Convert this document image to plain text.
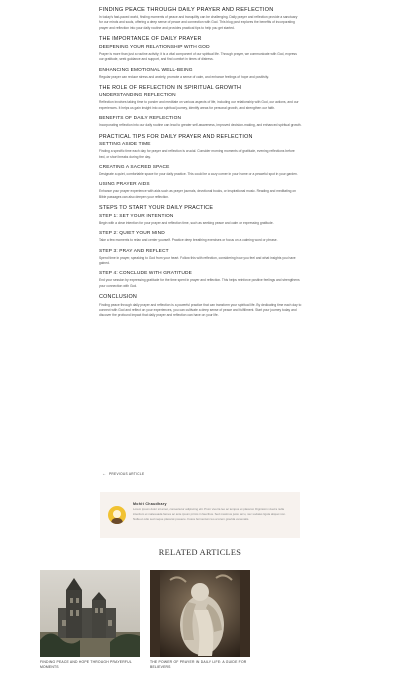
FINDING PEACE THROUGH DAILY PRAYER AND REFLECTION

In today's fast-paced world, finding moments of peace and tranquility can be challenging. Daily prayer and reflection provide a sanctuary for our minds and souls, offering a deep sense of peace and connection with God. This blog post explores the benefits of incorporating prayer and reflection into your daily routine and provides practical tips to help you get started.

THE IMPORTANCE OF DAILY PRAYER
DEEPENING YOUR RELATIONSHIP WITH GOD

Prayer is more than just a routine activity; it is a vital component of our spiritual life. Through prayer, we communicate with God, express our gratitude, seek guidance and support, and find comfort in times of distress.

ENHANCING EMOTIONAL WELL-BEING

Regular prayer can reduce stress and anxiety, promote a sense of calm, and enhance feelings of hope and positivity.

THE ROLE OF REFLECTION IN SPIRITUAL GROWTH
UNDERSTANDING REFLECTION

Reflection involves taking time to ponder and meditate on various aspects of life, including our relationship with God, our actions, and our experiences. It helps us gain insight into our spiritual journey, identify areas for personal growth, and strengthen our faith.

BENEFITS OF DAILY REFLECTION

Incorporating reflection into our daily routine can lead to greater self-awareness, improved decision-making, and enhanced spiritual growth.

PRACTICAL TIPS FOR DAILY PRAYER AND REFLECTION
SETTING ASIDE TIME

Finding a specific time each day for prayer and reflection is crucial. Consider morning moments of gratitude, evening reflections before bed, or short breaks during the day.

CREATING A SACRED SPACE

Designate a quiet, comfortable space for your daily practice. This could be a cozy corner in your home or a peaceful spot in your garden.

USING PRAYER AIDS

Enhance your prayer experience with aids such as prayer journals, devotional books, or inspirational music. Reading and meditating on Bible passages can also deepen your reflection.

STEPS TO START YOUR DAILY PRACTICE
STEP 1: SET YOUR INTENTION

Begin with a clear intention for your prayer and reflection time, such as seeking peace and calm or expressing gratitude.

STEP 2: QUIET YOUR MIND

Take a few moments to relax and center yourself. Practice deep breathing exercises or focus on a calming word or phrase.

STEP 3: PRAY AND REFLECT

Spend time in prayer, speaking to God from your heart. Follow this with reflection, considering how you feel and what insights you have gained.

STEP 4: CONCLUDE WITH GRATITUDE

End your session by expressing gratitude for the time spent in prayer and reflection. This helps reinforce positive feelings and strengthens your connection with God.

CONCLUSION

Finding peace through daily prayer and reflection is a powerful practice that can transform your spiritual life. By dedicating time each day to connect with God and reflect on your experiences, you can cultivate a deep sense of peace and fulfillment. Start your journey today and discover the profound impact that daily prayer and reflection can have on your life.

← PREVIOUS ARTICLE
Mohit Chaudhary
Lorem ipsum dolor sit amet, consectetur adipiscing elit. Proin viverra leo ac tempus et placerat. Dignissim viverra nulla interdum et malesuada fames ac ante ipsum primis in faucibus. Sed maximus justo arcu, nec sodales ligula aliquet non. Nulla et odio sed neque placerat posuere. Fusce fermentum leo a lorem gravida venenatis.
RELATED ARTICLES
FINDING PEACE AND HOPE THROUGH PRAYERFUL MOMENTS
THE POWER OF PRAYER IN DAILY LIFE: A GUIDE FOR BELIEVERS
